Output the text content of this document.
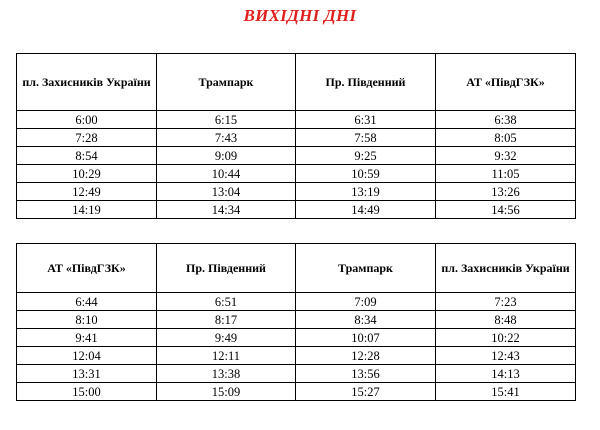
ВИХІДНІ ДНІ
пл. Захисників України	Трампарк	Пр. Південний	АТ «ПівдГЗК»
6:00	6:15	6:31	6:38
7:28	7:43	7:58	8:05
8:54	9:09	9:25	9:32
10:29	10:44	10:59	11:05
12:49	13:04	13:19	13:26
14:19	14:34	14:49	14:56
АТ «ПівдГЗК»	Пр. Південний	Трампарк	пл. Захисників України
6:44	6:51	7:09	7:23
8:10	8:17	8:34	8:48
9:41	9:49	10:07	10:22
12:04	12:11	12:28	12:43
13:31	13:38	13:56	14:13
15:00	15:09	15:27	15:41
